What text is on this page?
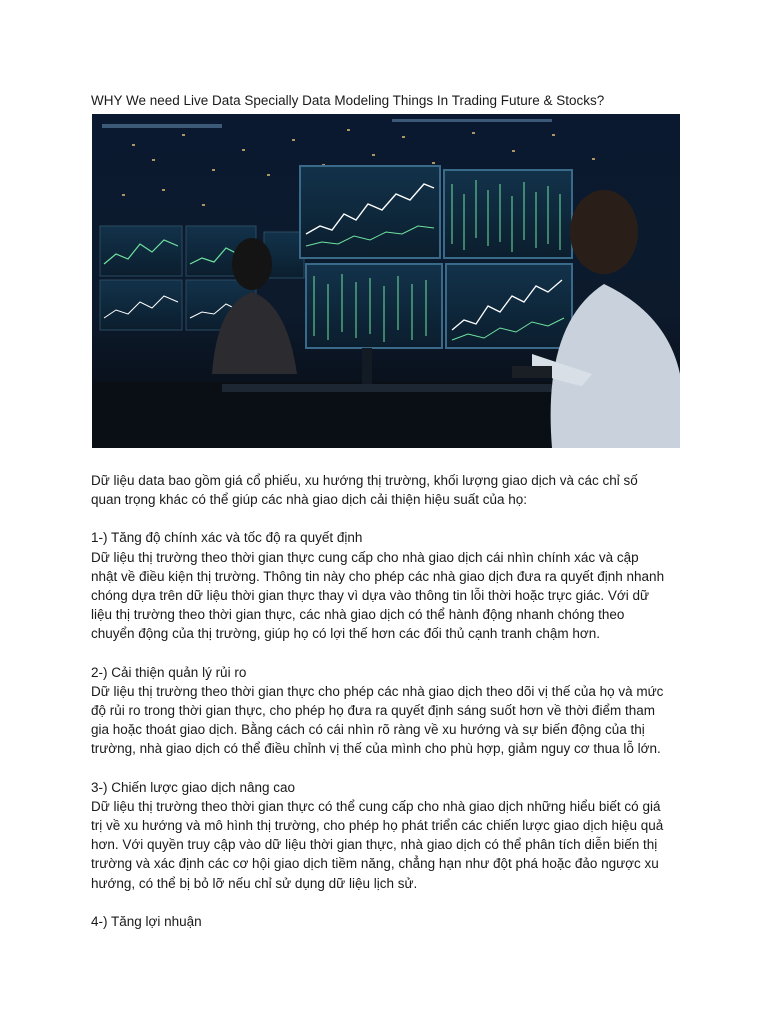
WHY We need Live Data Specially Data Modeling Things In Trading Future & Stocks?

Dữ liệu data bao gồm giá cổ phiếu, xu hướng thị trường, khối lượng giao dịch và các chỉ số
quan trọng khác có thể giúp các nhà giao dịch cải thiện hiệu suất của họ:

1-) Tăng độ chính xác và tốc độ ra quyết định

Dữ liệu thị trường theo thời gian thực cung cấp cho nhà giao dịch cái nhìn chính xác và cập
nhật về điều kiện thị trường. Thông tin này cho phép các nhà giao dịch đưa ra quyết định nhanh
chóng dựa trên dữ liệu thời gian thực thay vì dựa vào thông tin lỗi thời hoặc trực giác. Với dữ
liệu thị trường theo thời gian thực, các nhà giao dịch có thể hành động nhanh chóng theo
chuyển động của thị trường, giúp họ có lợi thế hơn các đối thủ cạnh tranh chậm hơn.

2-) Cải thiện quản lý rủi ro

Dữ liệu thị trường theo thời gian thực cho phép các nhà giao dịch theo dõi vị thế của họ và mức
độ rủi ro trong thời gian thực, cho phép họ đưa ra quyết định sáng suốt hơn về thời điểm tham
gia hoặc thoát giao dịch. Bằng cách có cái nhìn rõ ràng về xu hướng và sự biến động của thị
trường, nhà giao dịch có thể điều chỉnh vị thế của mình cho phù hợp, giảm nguy cơ thua lỗ lớn.

3-) Chiến lược giao dịch nâng cao

Dữ liệu thị trường theo thời gian thực có thể cung cấp cho nhà giao dịch những hiểu biết có giá
trị về xu hướng và mô hình thị trường, cho phép họ phát triển các chiến lược giao dịch hiệu quả
hơn. Với quyền truy cập vào dữ liệu thời gian thực, nhà giao dịch có thể phân tích diễn biến thị
trường và xác định các cơ hội giao dịch tiềm năng, chẳng hạn như đột phá hoặc đảo ngược xu
hướng, có thể bị bỏ lỡ nếu chỉ sử dụng dữ liệu lịch sử.

4-) Tăng lợi nhuận
